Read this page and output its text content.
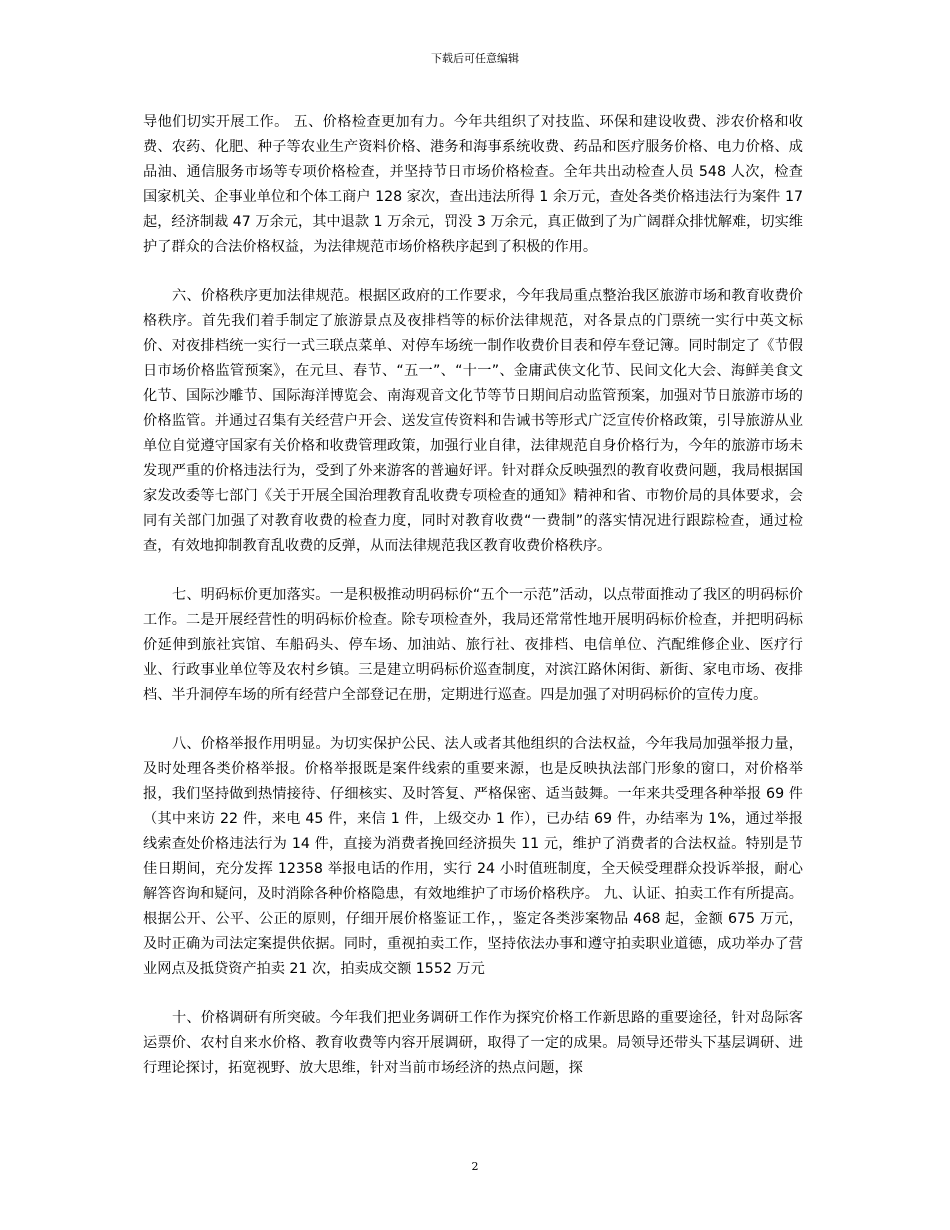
下载后可任意编辑

导他们切实开展工作。 五、价格检查更加有力。今年共组织了对技监、环保和建设收费、涉农价格和收费、农药、化肥、种子等农业生产资料价格、港务和海事系统收费、药品和医疗服务价格、电力价格、成品油、通信服务市场等专项价格检查，并坚持节日市场价格检查。全年共出动检查人员 548 人次，检查国家机关、企事业单位和个体工商户 128 家次，查出违法所得 1 余万元，查处各类价格违法行为案件 17 起，经济制裁 47 万余元，其中退款 1 万余元，罚没 3 万余元，真正做到了为广阔群众排忧解难，切实维护了群众的合法价格权益，为法律规范市场价格秩序起到了积极的作用。

六、价格秩序更加法律规范。根据区政府的工作要求，今年我局重点整治我区旅游市场和教育收费价格秩序。首先我们着手制定了旅游景点及夜排档等的标价法律规范，对各景点的门票统一实行中英文标价、对夜排档统一实行一式三联点菜单、对停车场统一制作收费价目表和停车登记簿。同时制定了《节假日市场价格监管预案》，在元旦、春节、“五一”、“十一”、金庸武侠文化节、民间文化大会、海鲜美食文化节、国际沙雕节、国际海洋博览会、南海观音文化节等节日期间启动监管预案，加强对节日旅游市场的价格监管。并通过召集有关经营户开会、送发宣传资料和告诫书等形式广泛宣传价格政策，引导旅游从业单位自觉遵守国家有关价格和收费管理政策，加强行业自律，法律规范自身价格行为，今年的旅游市场未发现严重的价格违法行为，受到了外来游客的普遍好评。针对群众反映强烈的教育收费问题，我局根据国家发改委等七部门《关于开展全国治理教育乱收费专项检查的通知》精神和省、市物价局的具体要求，会同有关部门加强了对教育收费的检查力度，同时对教育收费“一费制”的落实情况进行跟踪检查，通过检查，有效地抑制教育乱收费的反弹，从而法律规范我区教育收费价格秩序。

七、明码标价更加落实。一是积极推动明码标价“五个一示范”活动，以点带面推动了我区的明码标价工作。二是开展经营性的明码标价检查。除专项检查外，我局还常常性地开展明码标价检查，并把明码标价延伸到旅社宾馆、车船码头、停车场、加油站、旅行社、夜排档、电信单位、汽配维修企业、医疗行业、行政事业单位等及农村乡镇。三是建立明码标价巡查制度，对滨江路休闲街、新街、家电市场、夜排档、半升洞停车场的所有经营户全部登记在册，定期进行巡查。四是加强了对明码标价的宣传力度。

八、价格举报作用明显。为切实保护公民、法人或者其他组织的合法权益，今年我局加强举报力量，及时处理各类价格举报。价格举报既是案件线索的重要来源，也是反映执法部门形象的窗口，对价格举报，我们坚持做到热情接待、仔细核实、及时答复、严格保密、适当鼓舞。一年来共受理各种举报 69 件（其中来访 22 件，来电 45 件，来信 1 件，上级交办 1 作），已办结 69 件，办结率为 1%，通过举报线索查处价格违法行为 14 件，直接为消费者挽回经济损失 11 元，维护了消费者的合法权益。特别是节佳日期间，充分发挥 12358 举报电话的作用，实行 24 小时值班制度，全天候受理群众投诉举报，耐心解答咨询和疑问，及时消除各种价格隐患，有效地维护了市场价格秩序。 九、认证、拍卖工作有所提高。根据公开、公平、公正的原则，仔细开展价格鉴证工作，，鉴定各类涉案物品 468 起，金额 675 万元，及时正确为司法定案提供依据。同时，重视拍卖工作，坚持依法办事和遵守拍卖职业道德，成功举办了营业网点及抵贷资产拍卖 21 次，拍卖成交额 1552 万元

十、价格调研有所突破。今年我们把业务调研工作作为探究价格工作新思路的重要途径，针对岛际客运票价、农村自来水价格、教育收费等内容开展调研，取得了一定的成果。局领导还带头下基层调研、进行理论探讨，拓宽视野、放大思维，针对当前市场经济的热点问题，探

2
